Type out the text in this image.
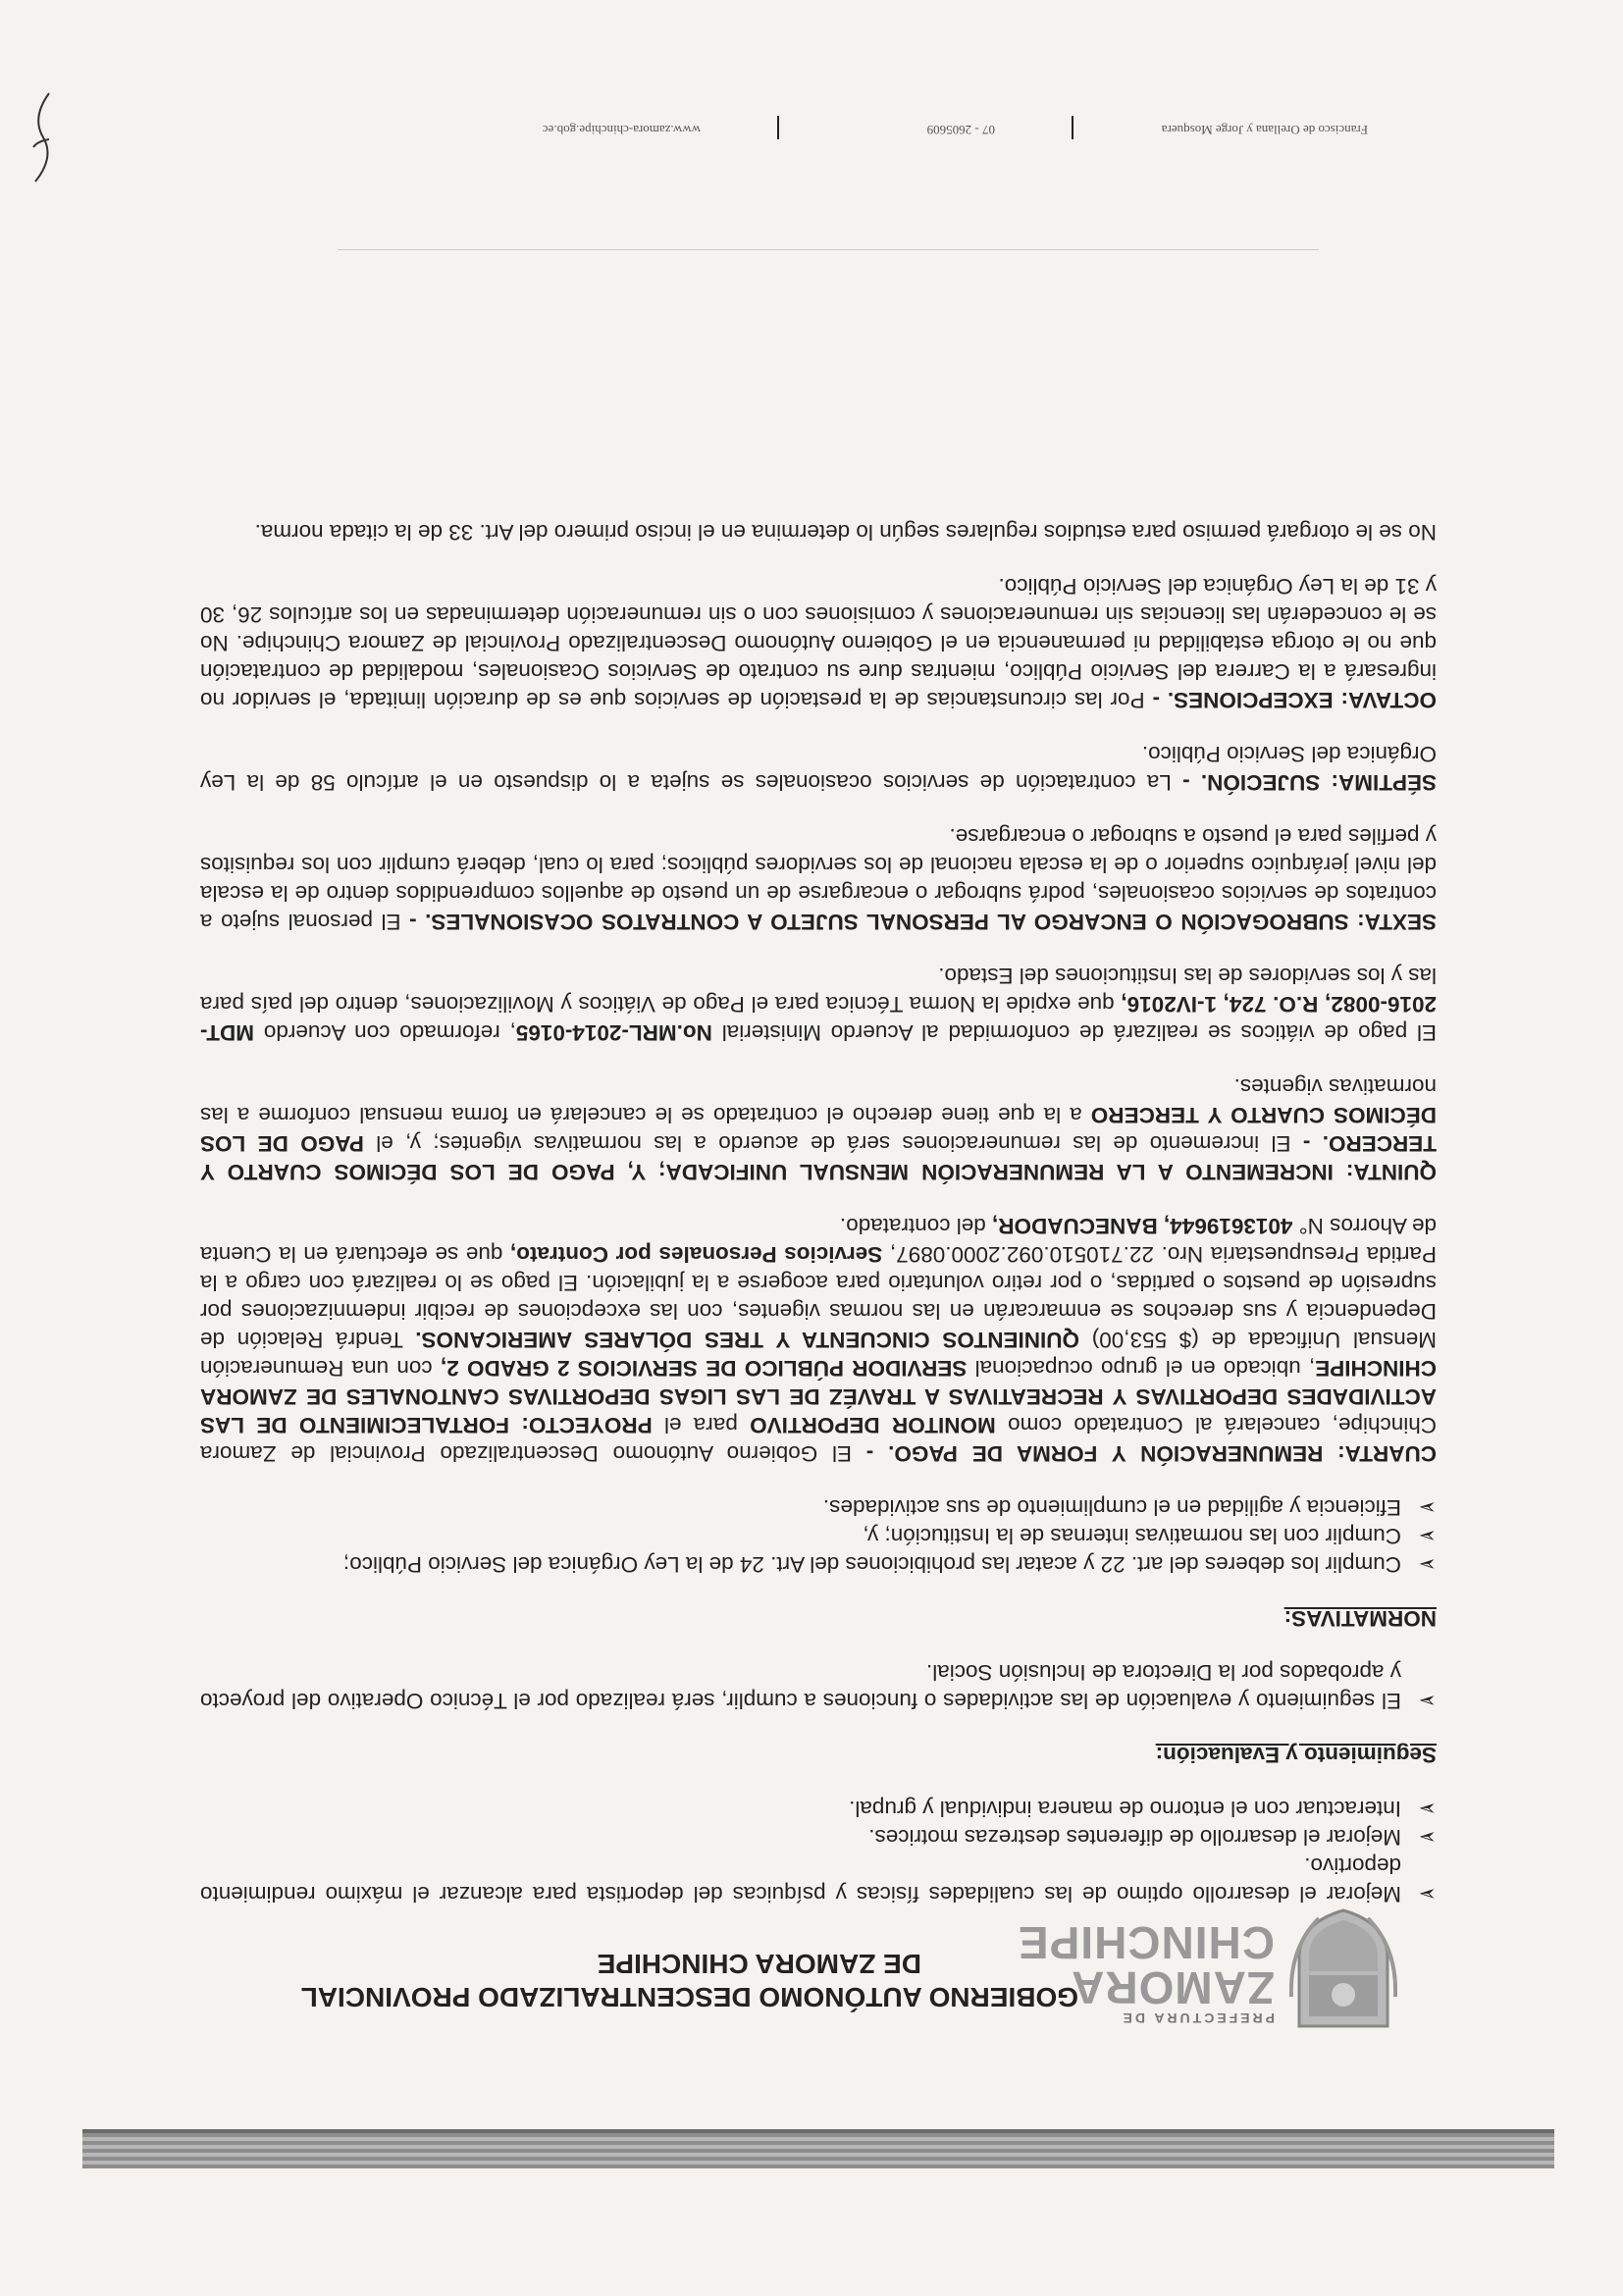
PREFECTURA DE
ZAMORA
CHINCHIPE
GOBIERNO AUTÓNOMO DESCENTRALIZADO PROVINCIAL
DE ZAMORA CHINCHIPE
➢
Mejorar el desarrollo optimo de las cualidades físicas y psíquicas del deportista para alcanzar el máximo rendimiento deportivo.
➢
Mejorar el desarrollo de diferentes destrezas motrices.
➢
Interactuar con el entorno de manera individual y grupal.

Seguimiento y Evaluación:

➢
El seguimiento y evaluación de las actividades o funciones a cumplir, será realizado por el Técnico Operativo del proyecto y aprobados por la Directora de Inclusión Social.

NORMATIVAS:

➢
Cumplir los deberes del art. 22 y acatar las prohibiciones del Art. 24 de la Ley Orgánica del Servicio Público;
➢
Cumplir con las normativas internas de la Institución; y,
➢
Eficiencia y agilidad en el cumplimiento de sus actividades.

CUARTA: REMUNERACIÓN Y FORMA DE PAGO. - El Gobierno Autónomo Descentralizado Provincial de Zamora Chinchipe, cancelará al Contratado como MONITOR DEPORTIVO para el PROYECTO: FORTALECIMIENTO DE LAS ACTIVIDADES DEPORTIVAS Y RECREATIVAS A TRAVÉZ DE LAS LIGAS DEPORTIVAS CANTONALES DE ZAMORA CHINCHIPE, ubicado en el grupo ocupacional SERVIDOR PÚBLICO DE SERVICIOS 2 GRADO 2, con una Remuneración Mensual Unificada de ($ 553,00) QUINIENTOS CINCUENTA Y TRES DÓLARES AMERICANOS. Tendrá Relación de Dependencia y sus derechos se enmarcarán en las normas vigentes, con las excepciones de recibir indemnizaciones por supresión de puestos o partidas, o por retiro voluntario para acogerse a la jubilación. El pago se lo realizará con cargo a la Partida Presupuestaria Nro. 22.710510.092.2000.0897, Servicios Personales por Contrato, que se efectuará en la Cuenta de Ahorros N° 4013619644, BANECUADOR, del contratado.

QUINTA: INCREMENTO A LA REMUNERACIÓN MENSUAL UNIFICADA; Y, PAGO DE LOS DÉCIMOS CUARTO Y TERCERO. - El incremento de las remuneraciones será de acuerdo a las normativas vigentes; y, el PAGO DE LOS DÉCIMOS CUARTO Y TERCERO a la que tiene derecho el contratado se le cancelará en forma mensual conforme a las normativas vigentes.

El pago de viáticos se realizará de conformidad al Acuerdo Ministerial No.MRL-2014-0165, reformado con Acuerdo MDT-2016-0082, R.O. 724, 1-IV2016, que expide la Norma Técnica para el Pago de Viáticos y Movilizaciones, dentro del país para las y los servidores de las Instituciones del Estado.

SEXTA: SUBROGACIÓN O ENCARGO AL PERSONAL SUJETO A CONTRATOS OCASIONALES. - El personal sujeto a contratos de servicios ocasionales, podrá subrogar o encargarse de un puesto de aquellos comprendidos dentro de la escala del nivel jerárquico superior o de la escala nacional de los servidores públicos; para lo cual, deberá cumplir con los requisitos y perfiles para el puesto a subrogar o encargarse.

SÉPTIMA: SUJECIÓN. - La contratación de servicios ocasionales se sujeta a lo dispuesto en el artículo 58 de la Ley Orgánica del Servicio Público.

OCTAVA: EXCEPCIONES. - Por las circunstancias de la prestación de servicios que es de duración limitada, el servidor no ingresará a la Carrera del Servicio Público, mientras dure su contrato de Servicios Ocasionales, modalidad de contratación que no le otorga estabilidad ni permanencia en el Gobierno Autónomo Descentralizado Provincial de Zamora Chinchipe. No se le concederán las licencias sin remuneraciones y comisiones con o sin remuneración determinadas en los artículos 26, 30 y 31 de la Ley Orgánica del Servicio Público.

No se le otorgará permiso para estudios regulares según lo determina en el inciso primero del Art. 33 de la citada norma.

Francisco de Orellana y Jorge Mosquera
07 - 2605609
www.zamora-chinchipe.gob.ec
